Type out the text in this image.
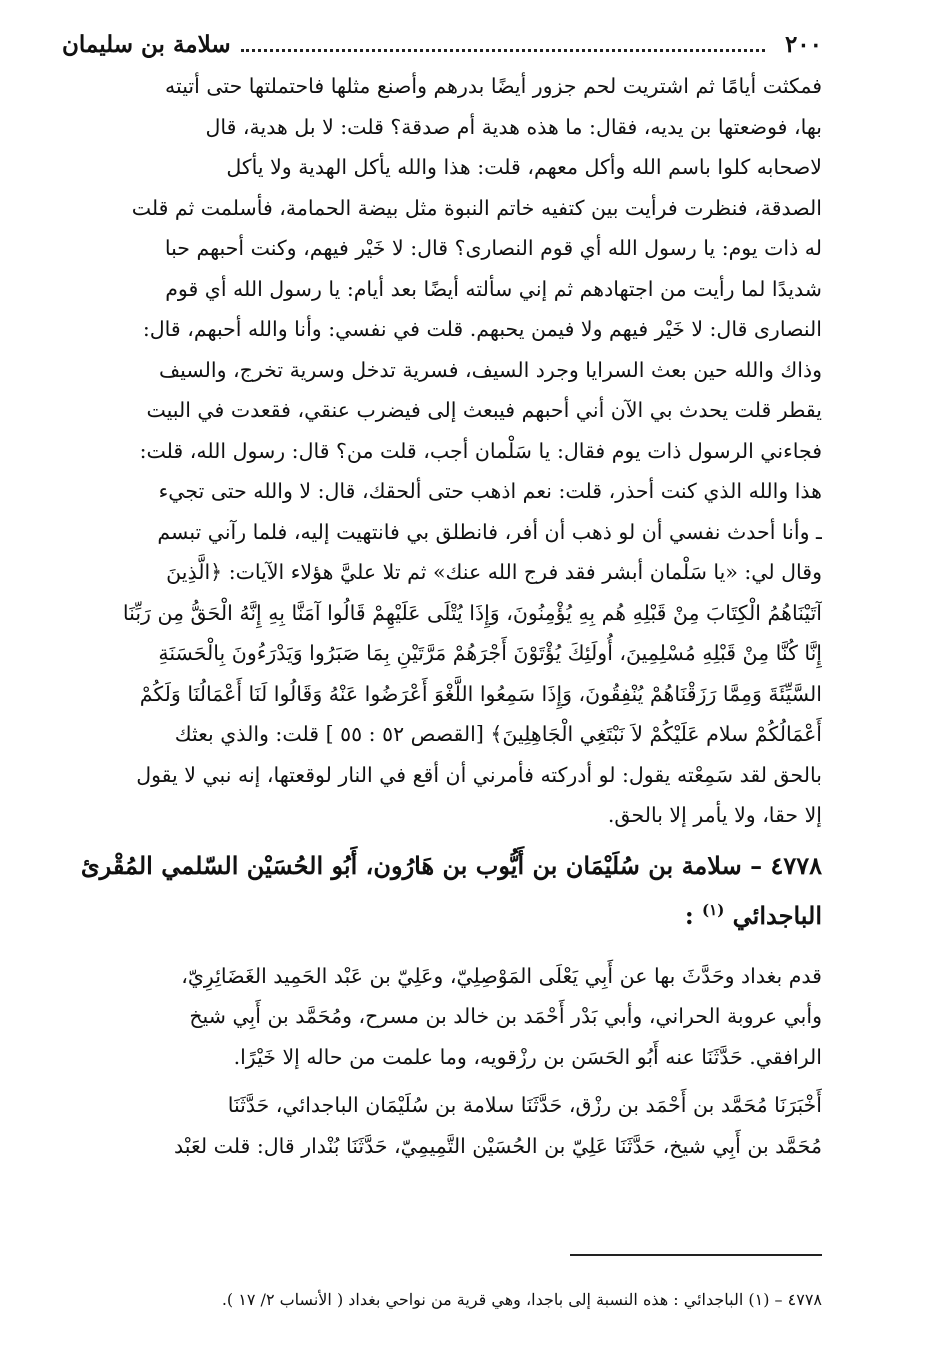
٢٠٠
سلامة بن سليمان
فمكثت أيامًا ثم اشتريت لحم جزور أيضًا بدرهم وأصنع مثلها فاحتملتها حتى أتيته
بها، فوضعتها بن يديه، فقال: ما هذه هدية أم صدقة؟ قلت: لا بل هدية، قال
لاصحابه كلوا باسم الله وأكل معهم، قلت: هذا والله يأكل الهدية ولا يأكل
الصدقة، فنظرت فرأيت بين كتفيه خاتم النبوة مثل بيضة الحمامة، فأسلمت ثم قلت
له ذات يوم: يا رسول الله أي قوم النصارى؟ قال: لا خَيْر فيهم، وكنت أحبهم حبا
شديدًا لما رأيت من اجتهادهم ثم إني سألته أيضًا بعد أيام: يا رسول الله أي قوم
النصارى قال: لا خَيْر فيهم ولا فيمن يحبهم. قلت في نفسي: وأنا والله أحبهم، قال:
وذاك والله حين بعث السرايا وجرد السيف، فسرية تدخل وسرية تخرج، والسيف
يقطر قلت يحدث بي الآن أني أحبهم فيبعث إلى فيضرب عنقي، فقعدت في البيت
فجاءني الرسول ذات يوم فقال: يا سَلْمان أجب، قلت من؟ قال: رسول الله، قلت:
هذا والله الذي كنت أحذر، قلت: نعم اذهب حتى ألحقك، قال: لا والله حتى تجيء
ـ وأنا أحدث نفسي أن لو ذهب أن أفر، فانطلق بي فانتهيت إليه، فلما رآني تبسم
وقال لي: «يا سَلْمان أبشر فقد فرج الله عنك» ثم تلا عليَّ هؤلاء الآيات: ﴿الَّذِينَ
آتَيْنَاهُمُ الْكِتَابَ مِنْ قَبْلِهِ هُم بِهِ يُؤْمِنُونَ، وَإِذَا يُتْلَى عَلَيْهِمْ قَالُوا آمَنَّا بِهِ إِنَّهُ الْحَقُّ مِن رَبِّنَا
إِنَّا كُنَّا مِنْ قَبْلِهِ مُسْلِمِينَ، أُولَئِكَ يُؤْتَوْنَ أَجْرَهُمْ مَرَّتَيْنِ بِمَا صَبَرُوا وَيَدْرَءُونَ بِالْحَسَنَةِ
السَّيِّئَةَ وَمِمَّا رَزَقْنَاهُمْ يُنْفِقُونَ، وَإِذَا سَمِعُوا اللَّغْوَ أَعْرَضُوا عَنْهُ وَقَالُوا لَنَا أَعْمَالُنَا وَلَكُمْ
أَعْمَالُكُمْ سلام عَلَيْكُمْ لاَ نَبْتَغِي الْجَاهِلِينَ﴾ [القصص ٥٢ : ٥٥ ] قلت: والذي بعثك
بالحق لقد سَمِعْته يقول: لو أدركته فأمرني أن أقع في النار لوقعتها، إنه نبي لا يقول
إلا حقا، ولا يأمر إلا بالحق.
٤٧٧٨ – سلامة بن سُلَيْمَان بن أَيُّوب بن هَارُون، أَبُو الحُسَيْن السّلمي المُقْرئ
الباجدائي $^{(١)}$ :
قدم بغداد وحَدَّثَ بها عن أَبِي يَعْلَى المَوْصِلِيّ، وعَلِيّ بن عَبْد الحَمِيد الغَضَائِرِيّ،
وأبي عروبة الحراني، وأبي بَدْر أَحْمَد بن خالد بن مسرح، ومُحَمَّد بن أَبِي شيخ
الرافقي. حَدَّثَنَا عنه أَبُو الحَسَن بن رزْقويه، وما علمت من حاله إلا خَيْرًا.
أَخْبَرَنَا مُحَمَّد بن أَحْمَد بن رزْق، حَدَّثَنَا سلامة بن سُلَيْمَان الباجدائي، حَدَّثَنَا
مُحَمَّد بن أَبِي شيخ، حَدَّثَنَا عَلِيّ بن الحُسَيْن التَّمِيمِيّ، حَدَّثَنَا بُنْدار قال: قلت لعَبْد
٤٧٧٨ – (١) الباجدائي : هذه النسبة إلى باجدا، وهي قرية من نواحي بغداد ( الأنساب ٢/ ١٧ ).
